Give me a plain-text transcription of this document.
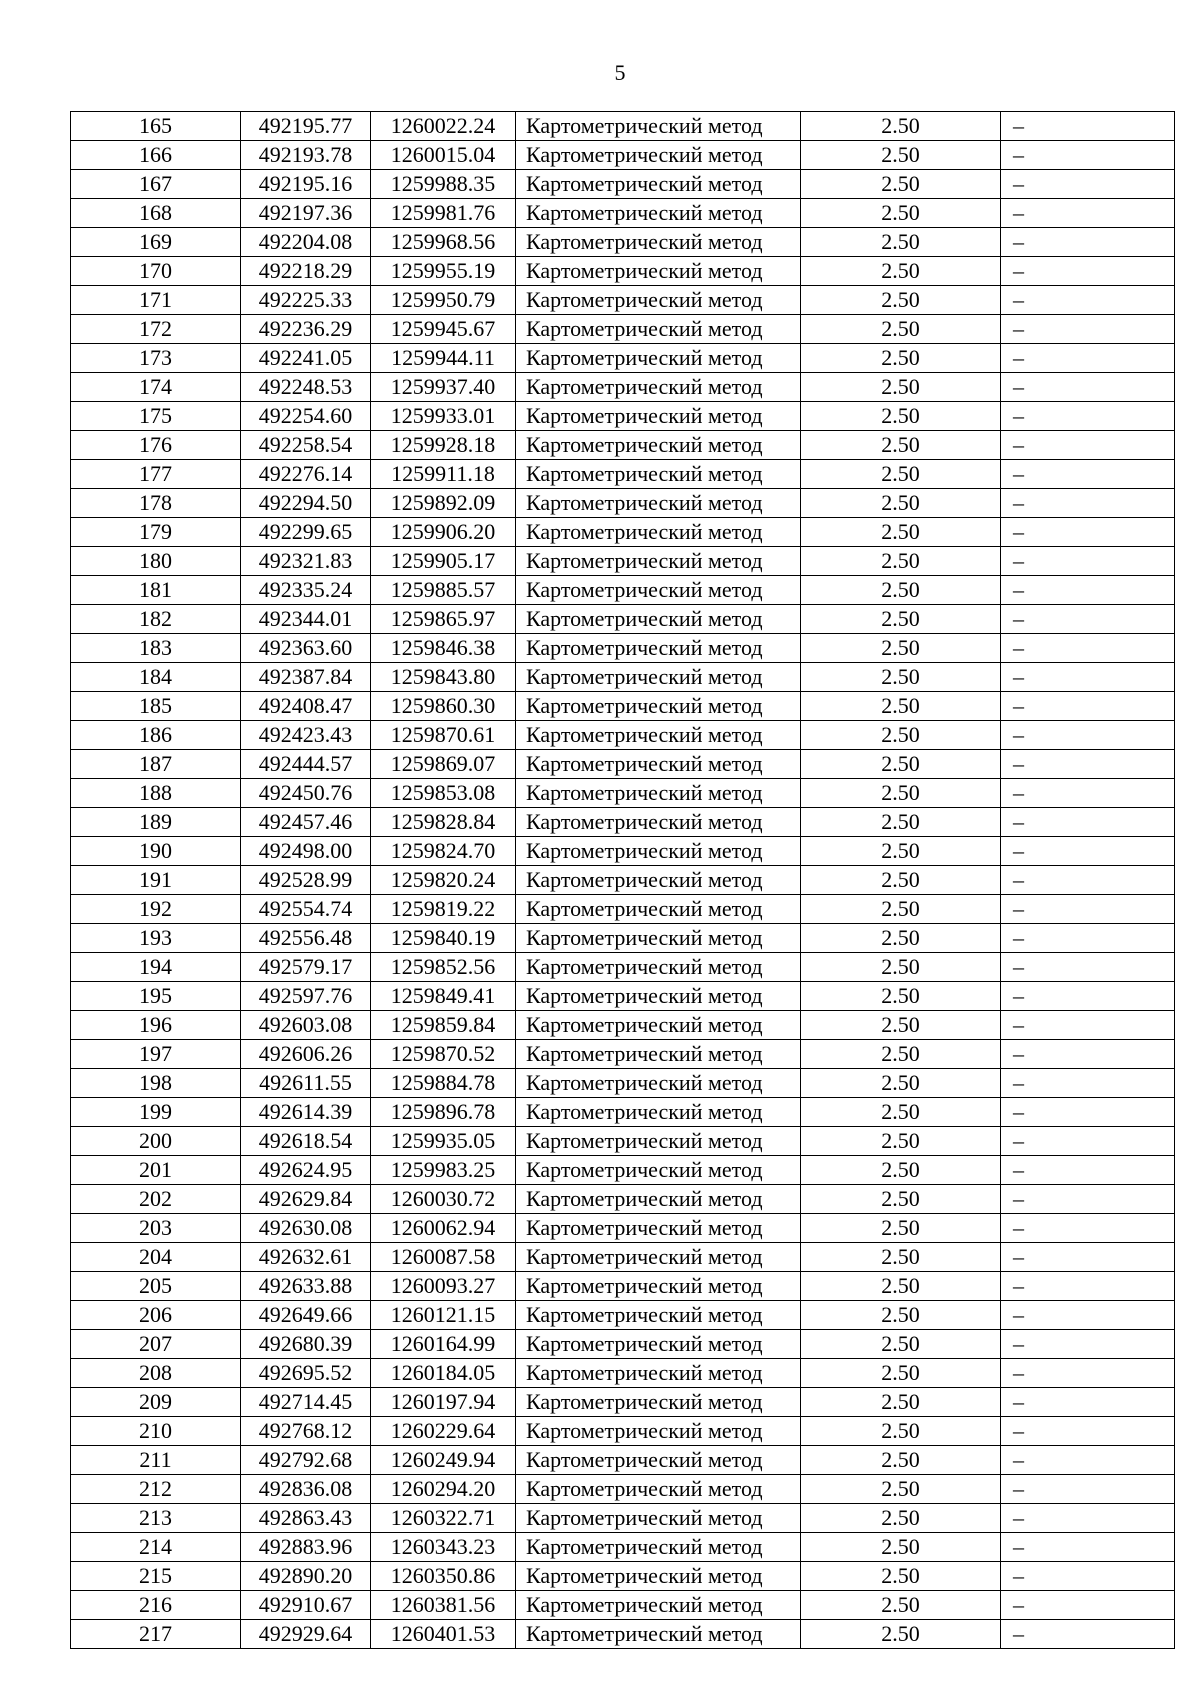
5
165	492195.77	1260022.24	Картометрический метод	2.50	–
166	492193.78	1260015.04	Картометрический метод	2.50	–
167	492195.16	1259988.35	Картометрический метод	2.50	–
168	492197.36	1259981.76	Картометрический метод	2.50	–
169	492204.08	1259968.56	Картометрический метод	2.50	–
170	492218.29	1259955.19	Картометрический метод	2.50	–
171	492225.33	1259950.79	Картометрический метод	2.50	–
172	492236.29	1259945.67	Картометрический метод	2.50	–
173	492241.05	1259944.11	Картометрический метод	2.50	–
174	492248.53	1259937.40	Картометрический метод	2.50	–
175	492254.60	1259933.01	Картометрический метод	2.50	–
176	492258.54	1259928.18	Картометрический метод	2.50	–
177	492276.14	1259911.18	Картометрический метод	2.50	–
178	492294.50	1259892.09	Картометрический метод	2.50	–
179	492299.65	1259906.20	Картометрический метод	2.50	–
180	492321.83	1259905.17	Картометрический метод	2.50	–
181	492335.24	1259885.57	Картометрический метод	2.50	–
182	492344.01	1259865.97	Картометрический метод	2.50	–
183	492363.60	1259846.38	Картометрический метод	2.50	–
184	492387.84	1259843.80	Картометрический метод	2.50	–
185	492408.47	1259860.30	Картометрический метод	2.50	–
186	492423.43	1259870.61	Картометрический метод	2.50	–
187	492444.57	1259869.07	Картометрический метод	2.50	–
188	492450.76	1259853.08	Картометрический метод	2.50	–
189	492457.46	1259828.84	Картометрический метод	2.50	–
190	492498.00	1259824.70	Картометрический метод	2.50	–
191	492528.99	1259820.24	Картометрический метод	2.50	–
192	492554.74	1259819.22	Картометрический метод	2.50	–
193	492556.48	1259840.19	Картометрический метод	2.50	–
194	492579.17	1259852.56	Картометрический метод	2.50	–
195	492597.76	1259849.41	Картометрический метод	2.50	–
196	492603.08	1259859.84	Картометрический метод	2.50	–
197	492606.26	1259870.52	Картометрический метод	2.50	–
198	492611.55	1259884.78	Картометрический метод	2.50	–
199	492614.39	1259896.78	Картометрический метод	2.50	–
200	492618.54	1259935.05	Картометрический метод	2.50	–
201	492624.95	1259983.25	Картометрический метод	2.50	–
202	492629.84	1260030.72	Картометрический метод	2.50	–
203	492630.08	1260062.94	Картометрический метод	2.50	–
204	492632.61	1260087.58	Картометрический метод	2.50	–
205	492633.88	1260093.27	Картометрический метод	2.50	–
206	492649.66	1260121.15	Картометрический метод	2.50	–
207	492680.39	1260164.99	Картометрический метод	2.50	–
208	492695.52	1260184.05	Картометрический метод	2.50	–
209	492714.45	1260197.94	Картометрический метод	2.50	–
210	492768.12	1260229.64	Картометрический метод	2.50	–
211	492792.68	1260249.94	Картометрический метод	2.50	–
212	492836.08	1260294.20	Картометрический метод	2.50	–
213	492863.43	1260322.71	Картометрический метод	2.50	–
214	492883.96	1260343.23	Картометрический метод	2.50	–
215	492890.20	1260350.86	Картометрический метод	2.50	–
216	492910.67	1260381.56	Картометрический метод	2.50	–
217	492929.64	1260401.53	Картометрический метод	2.50	–
